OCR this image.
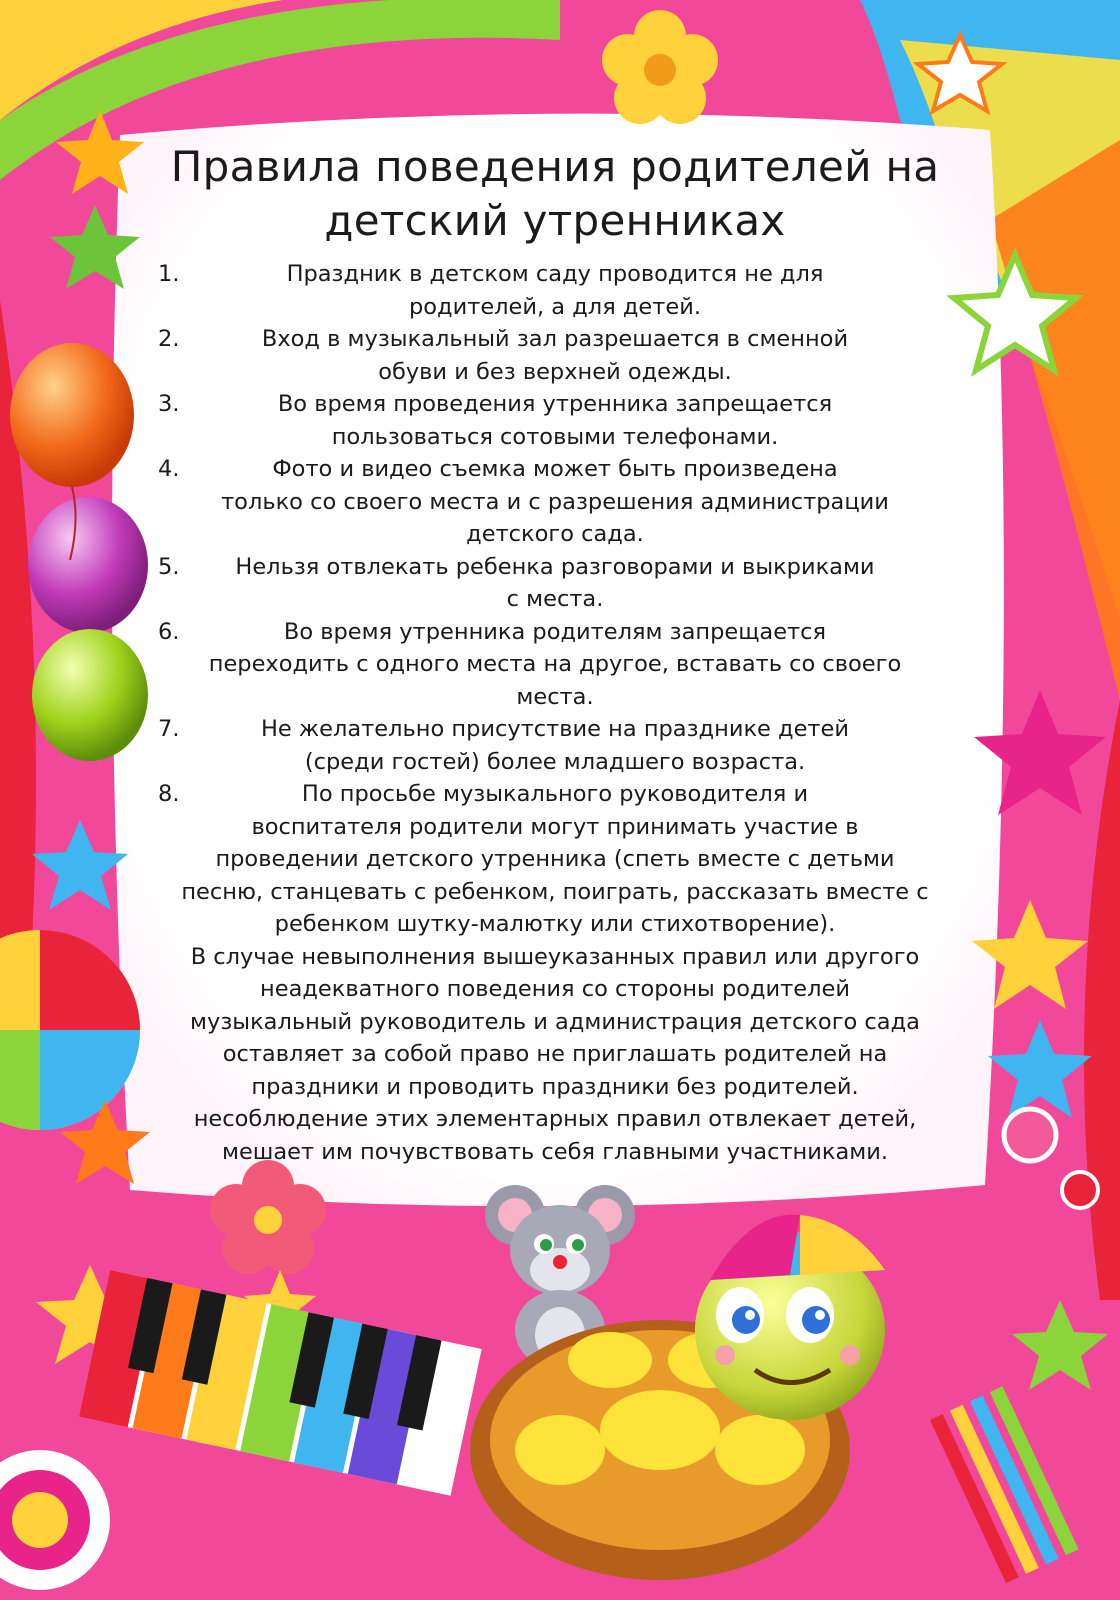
Правила поведения родителей на
детский утренниках
1.	Праздник в детском саду проводится не для
родителей, а для детей.
2.	Вход в музыкальный зал разрешается в сменной
обуви и без верхней одежды.
3.	Во время проведения утренника запрещается
пользоваться сотовыми телефонами.
4.	Фото и видео съемка может быть произведена
только со своего места и с разрешения администрации
детского сада.
5.	Нельзя отвлекать ребенка разговорами и выкриками
с места.
6.	Во время утренника родителям запрещается
переходить с одного места на другое, вставать со своего
места.
7.	Не желательно присутствие на празднике детей
(среди гостей) более младшего возраста.
8.	По просьбе музыкального руководителя и
воспитателя родители могут принимать участие в
проведении детского утренника (спеть вместе с детьми
песню, станцевать с ребенком, поиграть, рассказать вместе с
ребенком шутку-малютку или стихотворение).
В случае невыполнения вышеуказанных правил или другого
неадекватного поведения со стороны родителей
музыкальный руководитель и администрация детского сада
оставляет за собой право не приглашать родителей на
праздники и проводить праздники без родителей.
несоблюдение этих элементарных правил отвлекает детей,
мешает им почувствовать себя главными участниками.
